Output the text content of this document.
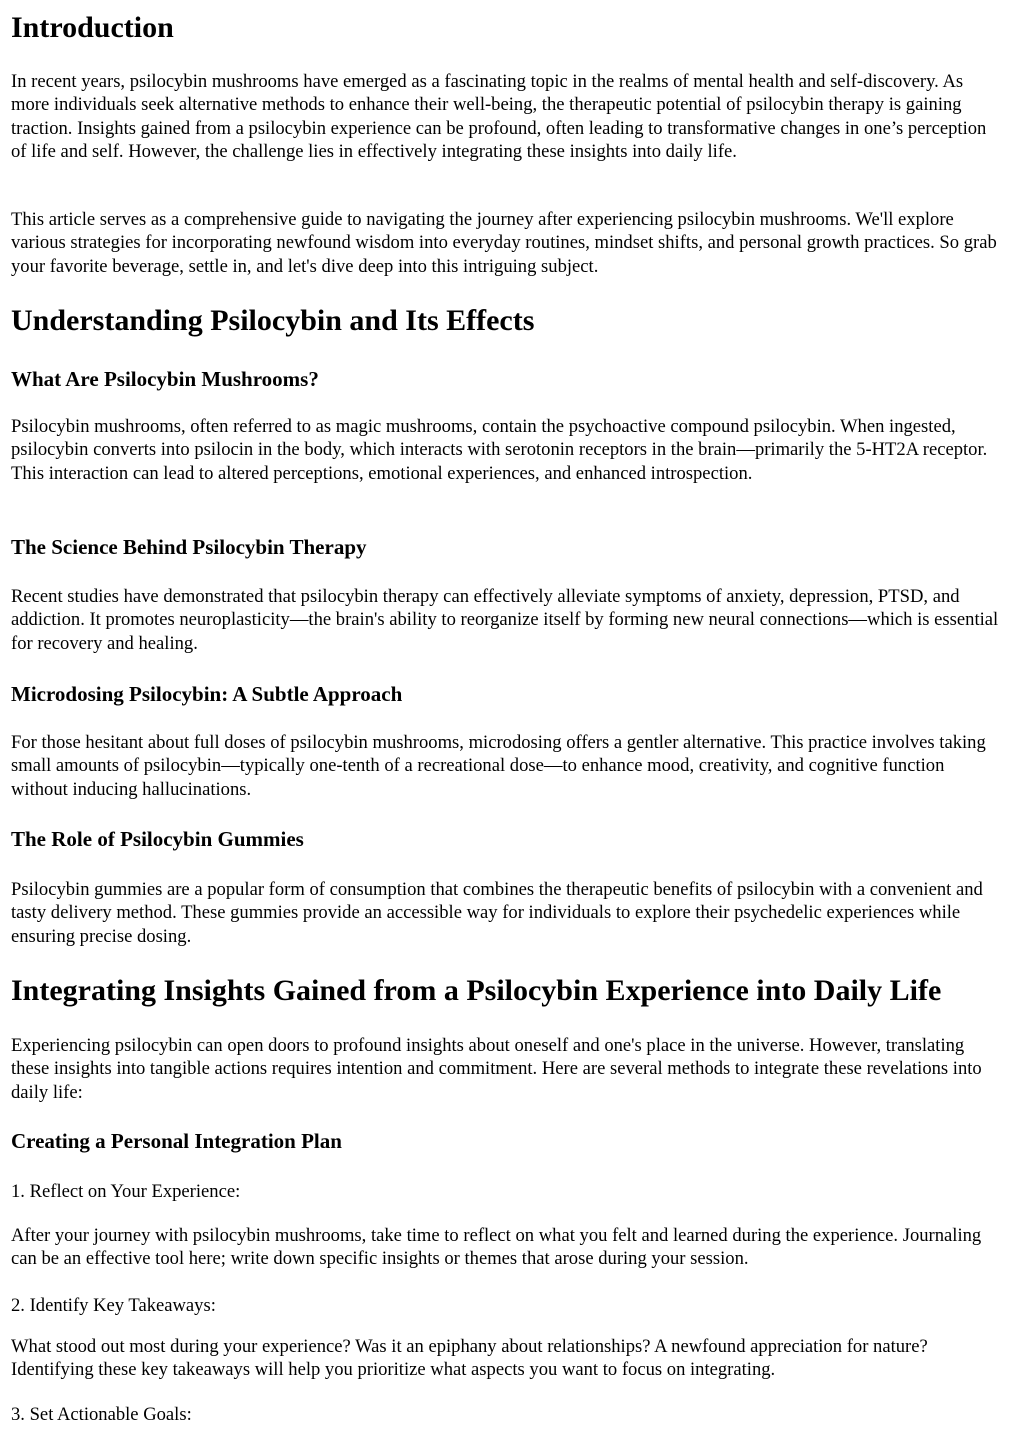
Introduction

In recent years, psilocybin mushrooms have emerged as a fascinating topic in the realms of mental health and self-discovery. As more individuals seek alternative methods to enhance their well-being, the therapeutic potential of psilocybin therapy is gaining traction. Insights gained from a psilocybin experience can be profound, often leading to transformative changes in one’s perception of life and self. However, the challenge lies in effectively integrating these insights into daily life.

This article serves as a comprehensive guide to navigating the journey after experiencing psilocybin mushrooms. We'll explore various strategies for incorporating newfound wisdom into everyday routines, mindset shifts, and personal growth practices. So grab your favorite beverage, settle in, and let's dive deep into this intriguing subject.

Understanding Psilocybin and Its Effects
What Are Psilocybin Mushrooms?

Psilocybin mushrooms, often referred to as magic mushrooms, contain the psychoactive compound psilocybin. When ingested, psilocybin converts into psilocin in the body, which interacts with serotonin receptors in the brain—primarily the 5-HT2A receptor. This interaction can lead to altered perceptions, emotional experiences, and enhanced introspection.

The Science Behind Psilocybin Therapy

Recent studies have demonstrated that psilocybin therapy can effectively alleviate symptoms of anxiety, depression, PTSD, and addiction. It promotes neuroplasticity—the brain's ability to reorganize itself by forming new neural connections—which is essential for recovery and healing.

Microdosing Psilocybin: A Subtle Approach

For those hesitant about full doses of psilocybin mushrooms, microdosing offers a gentler alternative. This practice involves taking small amounts of psilocybin—typically one-tenth of a recreational dose—to enhance mood, creativity, and cognitive function without inducing hallucinations.

The Role of Psilocybin Gummies

Psilocybin gummies are a popular form of consumption that combines the therapeutic benefits of psilocybin with a convenient and tasty delivery method. These gummies provide an accessible way for individuals to explore their psychedelic experiences while ensuring precise dosing.

Integrating Insights Gained from a Psilocybin Experience into Daily Life

Experiencing psilocybin can open doors to profound insights about oneself and one's place in the universe. However, translating these insights into tangible actions requires intention and commitment. Here are several methods to integrate these revelations into daily life:

Creating a Personal Integration Plan

1. Reflect on Your Experience:

After your journey with psilocybin mushrooms, take time to reflect on what you felt and learned during the experience. Journaling can be an effective tool here; write down specific insights or themes that arose during your session.

2. Identify Key Takeaways:

What stood out most during your experience? Was it an epiphany about relationships? A newfound appreciation for nature? Identifying these key takeaways will help you prioritize what aspects you want to focus on integrating.

3. Set Actionable Goals:
